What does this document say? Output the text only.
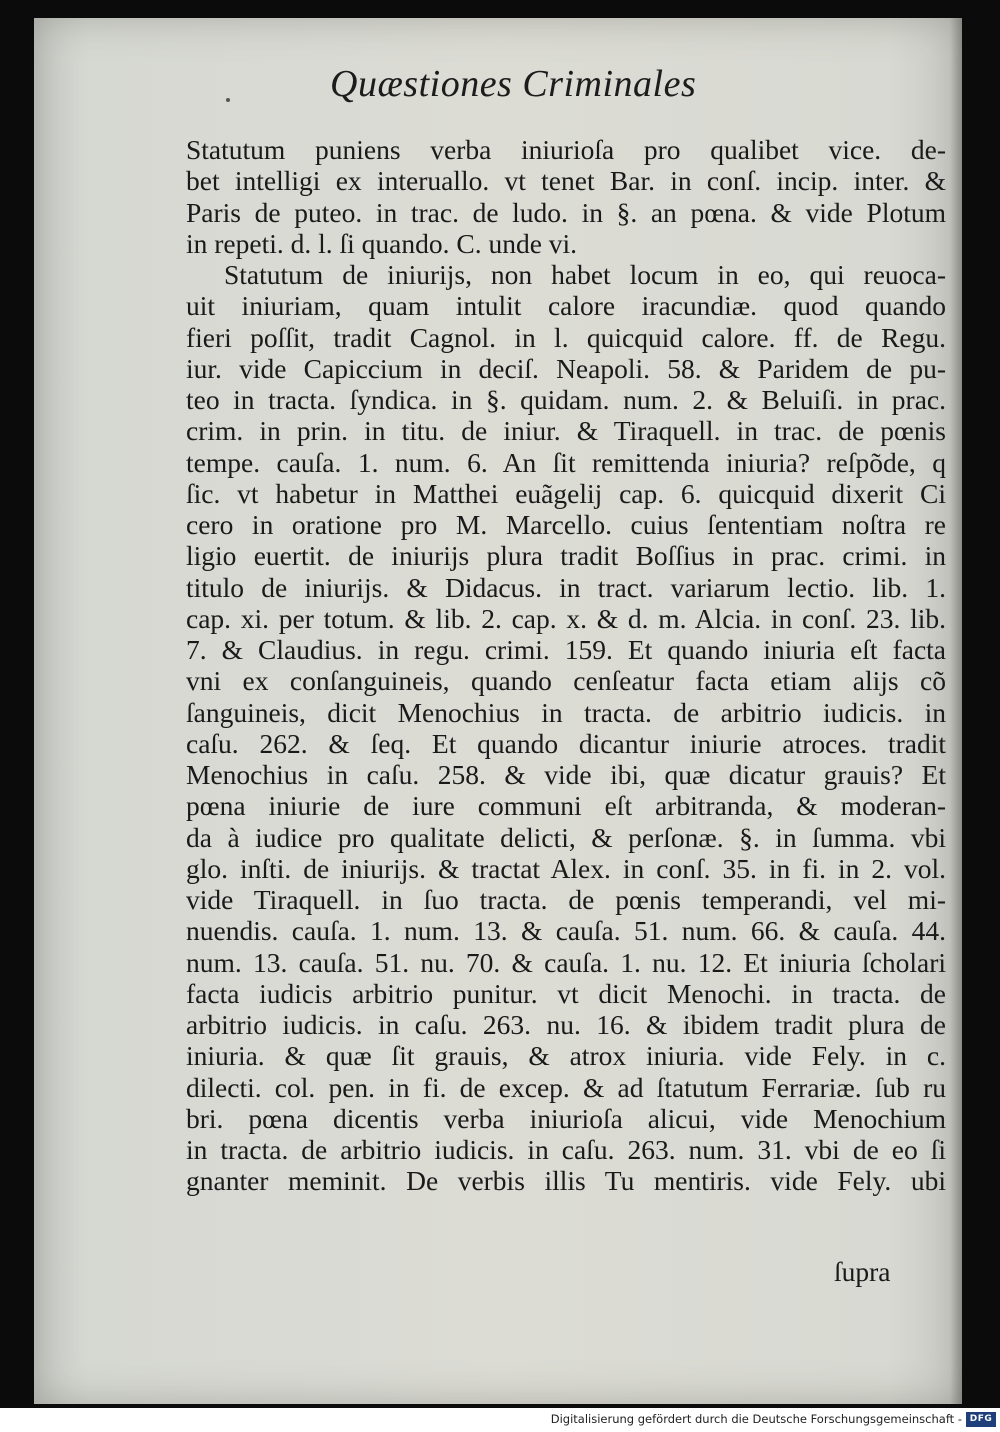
Quæstiones Criminales
Statutum puniens verba iniurioſa pro qualibet vice. de-
bet intelligi ex interuallo. vt tenet Bar. in conſ. incip. inter. &
Paris de puteo. in trac. de ludo. in §. an pœna. & vide Plotum
in repeti. d. l. ſi quando. C. unde vi.
Statutum de iniurijs, non habet locum in eo, qui reuoca-
uit iniuriam, quam intulit calore iracundiæ. quod quando
fieri poſſit, tradit Cagnol. in l. quicquid calore. ff. de Regu.
iur. vide Capiccium in deciſ. Neapoli. 58. & Paridem de pu-
teo in tracta. ſyndica. in §. quidam. num. 2. & Beluiſi. in prac.
crim. in prin. in titu. de iniur. & Tiraquell. in trac. de pœnis
tempe. cauſa. 1. num. 6. An ſit remittenda iniuria? reſpõde, q
ſic. vt habetur in Matthei euãgelij cap. 6. quicquid dixerit Ci
cero in oratione pro M. Marcello. cuius ſententiam noſtra re
ligio euertit. de iniurijs plura tradit Boſſius in prac. crimi. in
titulo de iniurijs. & Didacus. in tract. variarum lectio. lib. 1.
cap. xi. per totum. & lib. 2. cap. x. & d. m. Alcia. in conſ. 23. lib.
7. & Claudius. in regu. crimi. 159. Et quando iniuria eſt facta
vni ex conſanguineis, quando cenſeatur facta etiam alijs cõ
ſanguineis, dicit Menochius in tracta. de arbitrio iudicis. in
caſu. 262. & ſeq. Et quando dicantur iniurie atroces. tradit
Menochius in caſu. 258. & vide ibi, quæ dicatur grauis? Et
pœna iniurie de iure communi eſt arbitranda, & moderan-
da à iudice pro qualitate delicti, & perſonæ. §. in ſumma. vbi
glo. inſti. de iniurijs. & tractat Alex. in conſ. 35. in fi. in 2. vol.
vide Tiraquell. in ſuo tracta. de pœnis temperandi, vel mi-
nuendis. cauſa. 1. num. 13. & cauſa. 51. num. 66. & cauſa. 44.
num. 13. cauſa. 51. nu. 70. & cauſa. 1. nu. 12. Et iniuria ſcholari
facta iudicis arbitrio punitur. vt dicit Menochi. in tracta. de
arbitrio iudicis. in caſu. 263. nu. 16. & ibidem tradit plura de
iniuria. & quæ ſit grauis, & atrox iniuria. vide Fely. in c.
dilecti. col. pen. in fi. de excep. & ad ſtatutum Ferrariæ. ſub ru
bri. pœna dicentis verba iniurioſa alicui, vide Menochium
in tracta. de arbitrio iudicis. in caſu. 263. num. 31. vbi de eo ſi
gnanter meminit. De verbis illis Tu mentiris. vide Fely. ubi
ſupra
Digitalisierung gefördert durch die Deutsche Forschungsgemeinschaft - DFG
